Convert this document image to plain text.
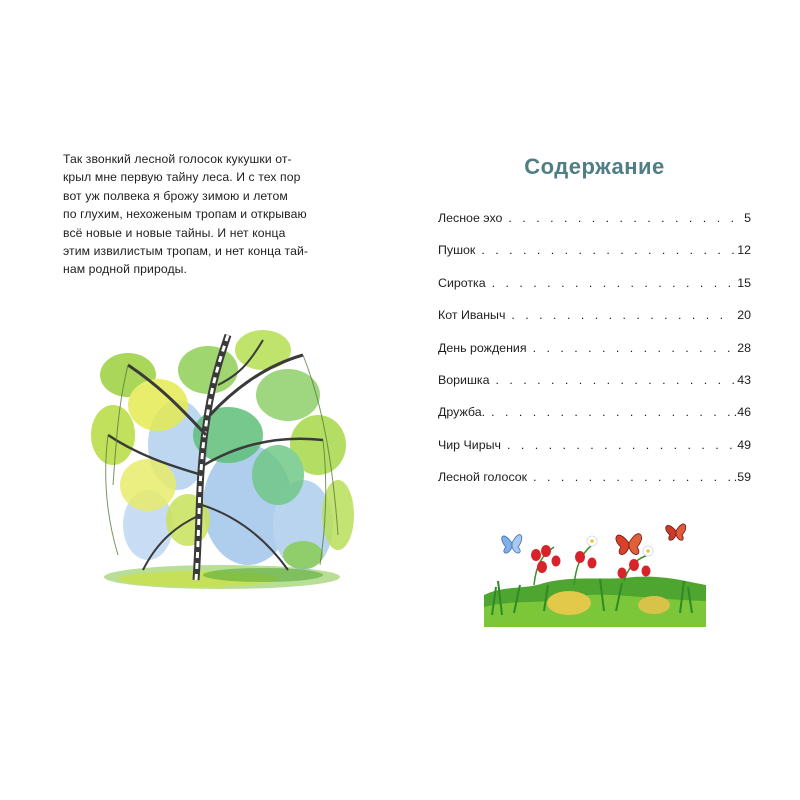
Так звонкий лесной голосок кукушки от-
крыл мне первую тайну леса. И с тех пор
вот уж полвека я брожу зимою и летом
по глухим, нехоженым тропам и открываю
всё новые и новые тайны. И нет конца
этим извилистым тропам, и нет конца тай-
нам родной природы.

Содержание
Лесное эхо . . .	5
Пушок . . .	12
Сиротка . . .	15
Кот Иваныч . . .	20
День рождения . . .	28
Воришка . . .	43
Дружба. . . .	.46
Чир Чирыч . . .	49
Лесной голосок . . .	.59
